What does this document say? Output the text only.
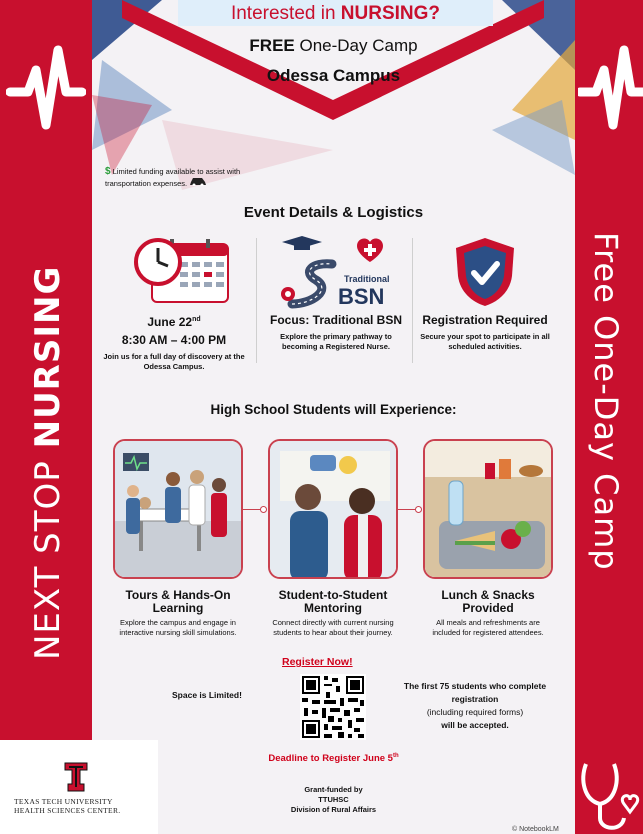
NEXT STOP NURSING	Free One-Day Camp
Interested in NURSING?
FREE One-Day Camp
Odessa Campus
$ Limited funding available to assist with transportation expenses.
Event Details & Logistics
Traditional
BSN
June 22nd
8:30 AM – 4:00 PM
Join us for a full day of discovery at the Odessa Campus.
Focus: Traditional BSN
Explore the primary pathway to becoming a Registered Nurse.
Registration Required
Secure your spot to participate in all scheduled activities.
High School Students will Experience:
Tours & Hands-On Learning
Explore the campus and engage in interactive nursing skill simulations.
Student-to-Student Mentoring
Connect directly with current nursing students to hear about their journey.
Lunch & Snacks Provided
All meals and refreshments are included for registered attendees.
Register Now!
Space is Limited!
The first 75 students who complete registration
(including required forms)
will be accepted.
Deadline to Register June 5th
Grant-funded by
TTUHSC
Division of Rural Affairs
© NotebookLM
TEXAS TECH UNIVERSITY
HEALTH SCIENCES CENTER.
